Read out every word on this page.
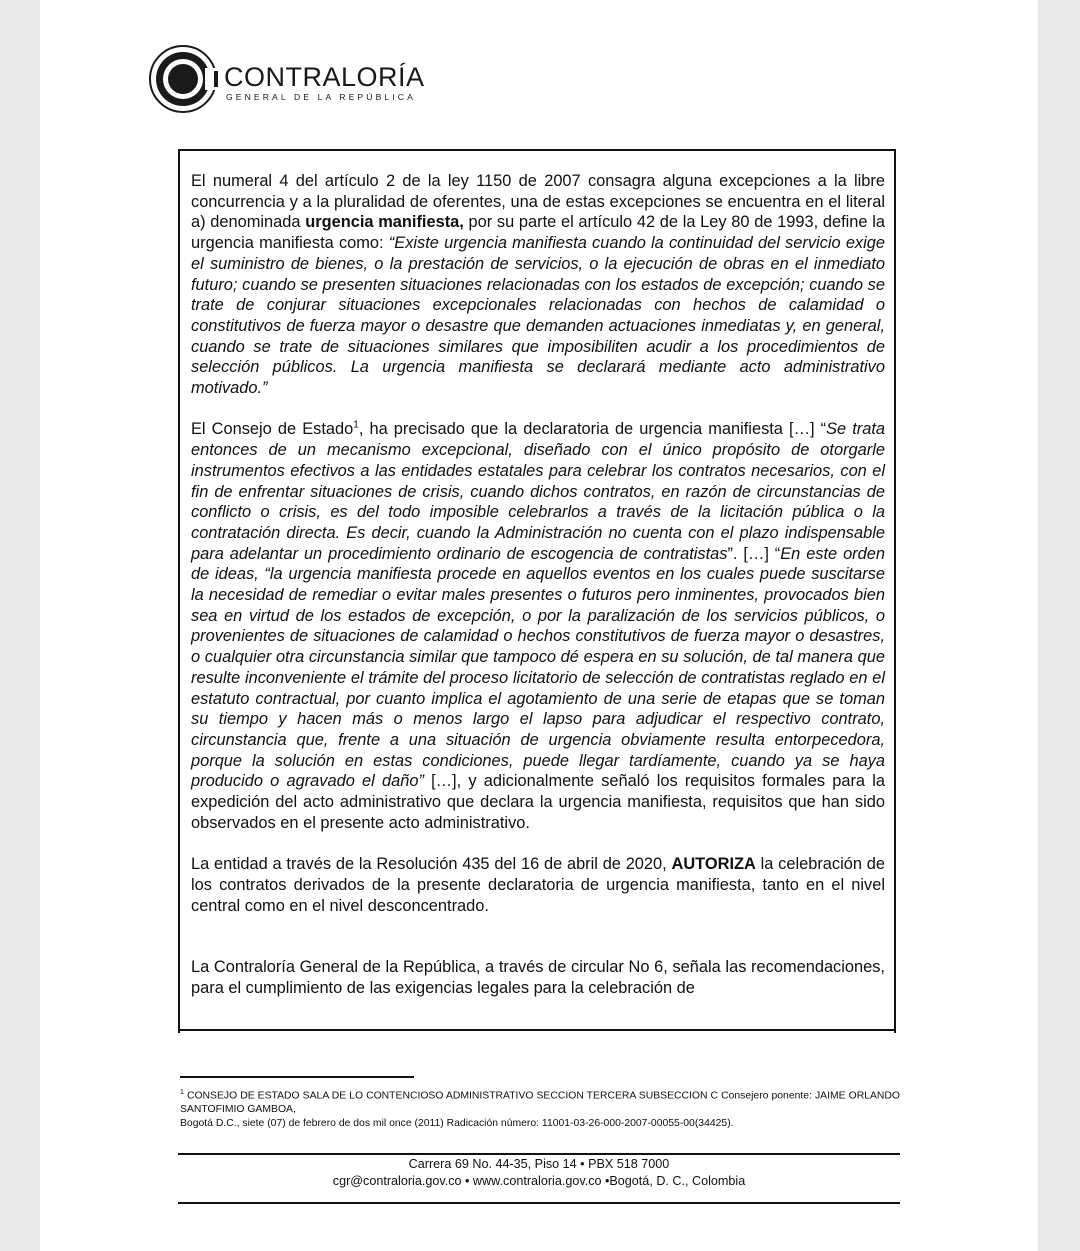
CONTRALORÍA
GENERAL DE LA REPÚBLICA

El numeral 4 del artículo 2 de la ley 1150 de 2007 consagra alguna excepciones a la libre concurrencia y a la pluralidad de oferentes, una de estas excepciones se encuentra en el literal a) denominada urgencia manifiesta, por su parte el artículo 42 de la Ley 80 de 1993, define la urgencia manifiesta como: “Existe urgencia manifiesta cuando la continuidad del servicio exige el suministro de bienes, o la prestación de servicios, o la ejecución de obras en el inmediato futuro; cuando se presenten situaciones relacionadas con los estados de excepción; cuando se trate de conjurar situaciones excepcionales relacionadas con hechos de calamidad o constitutivos de fuerza mayor o desastre que demanden actuaciones inmediatas y, en general, cuando se trate de situaciones similares que imposibiliten acudir a los procedimientos de selección públicos. La urgencia manifiesta se declarará mediante acto administrativo motivado.”

El Consejo de Estado$^1$, ha precisado que la declaratoria de urgencia manifiesta […] “Se trata entonces de un mecanismo excepcional, diseñado con el único propósito de otorgarle instrumentos efectivos a las entidades estatales para celebrar los contratos necesarios, con el fin de enfrentar situaciones de crisis, cuando dichos contratos, en razón de circunstancias de conflicto o crisis, es del todo imposible celebrarlos a través de la licitación pública o la contratación directa. Es decir, cuando la Administración no cuenta con el plazo indispensable para adelantar un procedimiento ordinario de escogencia de contratistas”. […] “En este orden de ideas, “la urgencia manifiesta procede en aquellos eventos en los cuales puede suscitarse la necesidad de remediar o evitar males presentes o futuros pero inminentes, provocados bien sea en virtud de los estados de excepción, o por la paralización de los servicios públicos, o provenientes de situaciones de calamidad o hechos constitutivos de fuerza mayor o desastres, o cualquier otra circunstancia similar que tampoco dé espera en su solución, de tal manera que resulte inconveniente el trámite del proceso licitatorio de selección de contratistas reglado en el estatuto contractual, por cuanto implica el agotamiento de una serie de etapas que se toman su tiempo y hacen más o menos largo el lapso para adjudicar el respectivo contrato, circunstancia que, frente a una situación de urgencia obviamente resulta entorpecedora, porque la solución en estas condiciones, puede llegar tardíamente, cuando ya se haya producido o agravado el daño” […], y adicionalmente señaló los requisitos formales para la expedición del acto administrativo que declara la urgencia manifiesta, requisitos que han sido observados en el presente acto administrativo.

La entidad a través de la Resolución 435 del 16 de abril de 2020, AUTORIZA la celebración de los contratos derivados de la presente declaratoria de urgencia manifiesta, tanto en el nivel central como en el nivel desconcentrado.

La Contraloría General de la República, a través de circular No 6, señala las recomendaciones, para el cumplimiento de las exigencias legales para la celebración de

$^1$ CONSEJO DE ESTADO SALA DE LO CONTENCIOSO ADMINISTRATIVO SECCION TERCERA SUBSECCION C Consejero ponente: JAIME ORLANDO SANTOFIMIO GAMBOA,
Bogotá D.C., siete (07) de febrero de dos mil once (2011) Radicación número: 11001-03-26-000-2007-00055-00(34425).
Carrera 69 No. 44-35, Piso 14 • PBX 518 7000
cgr@contraloria.gov.co • www.contraloria.gov.co •Bogotá, D. C., Colombia
